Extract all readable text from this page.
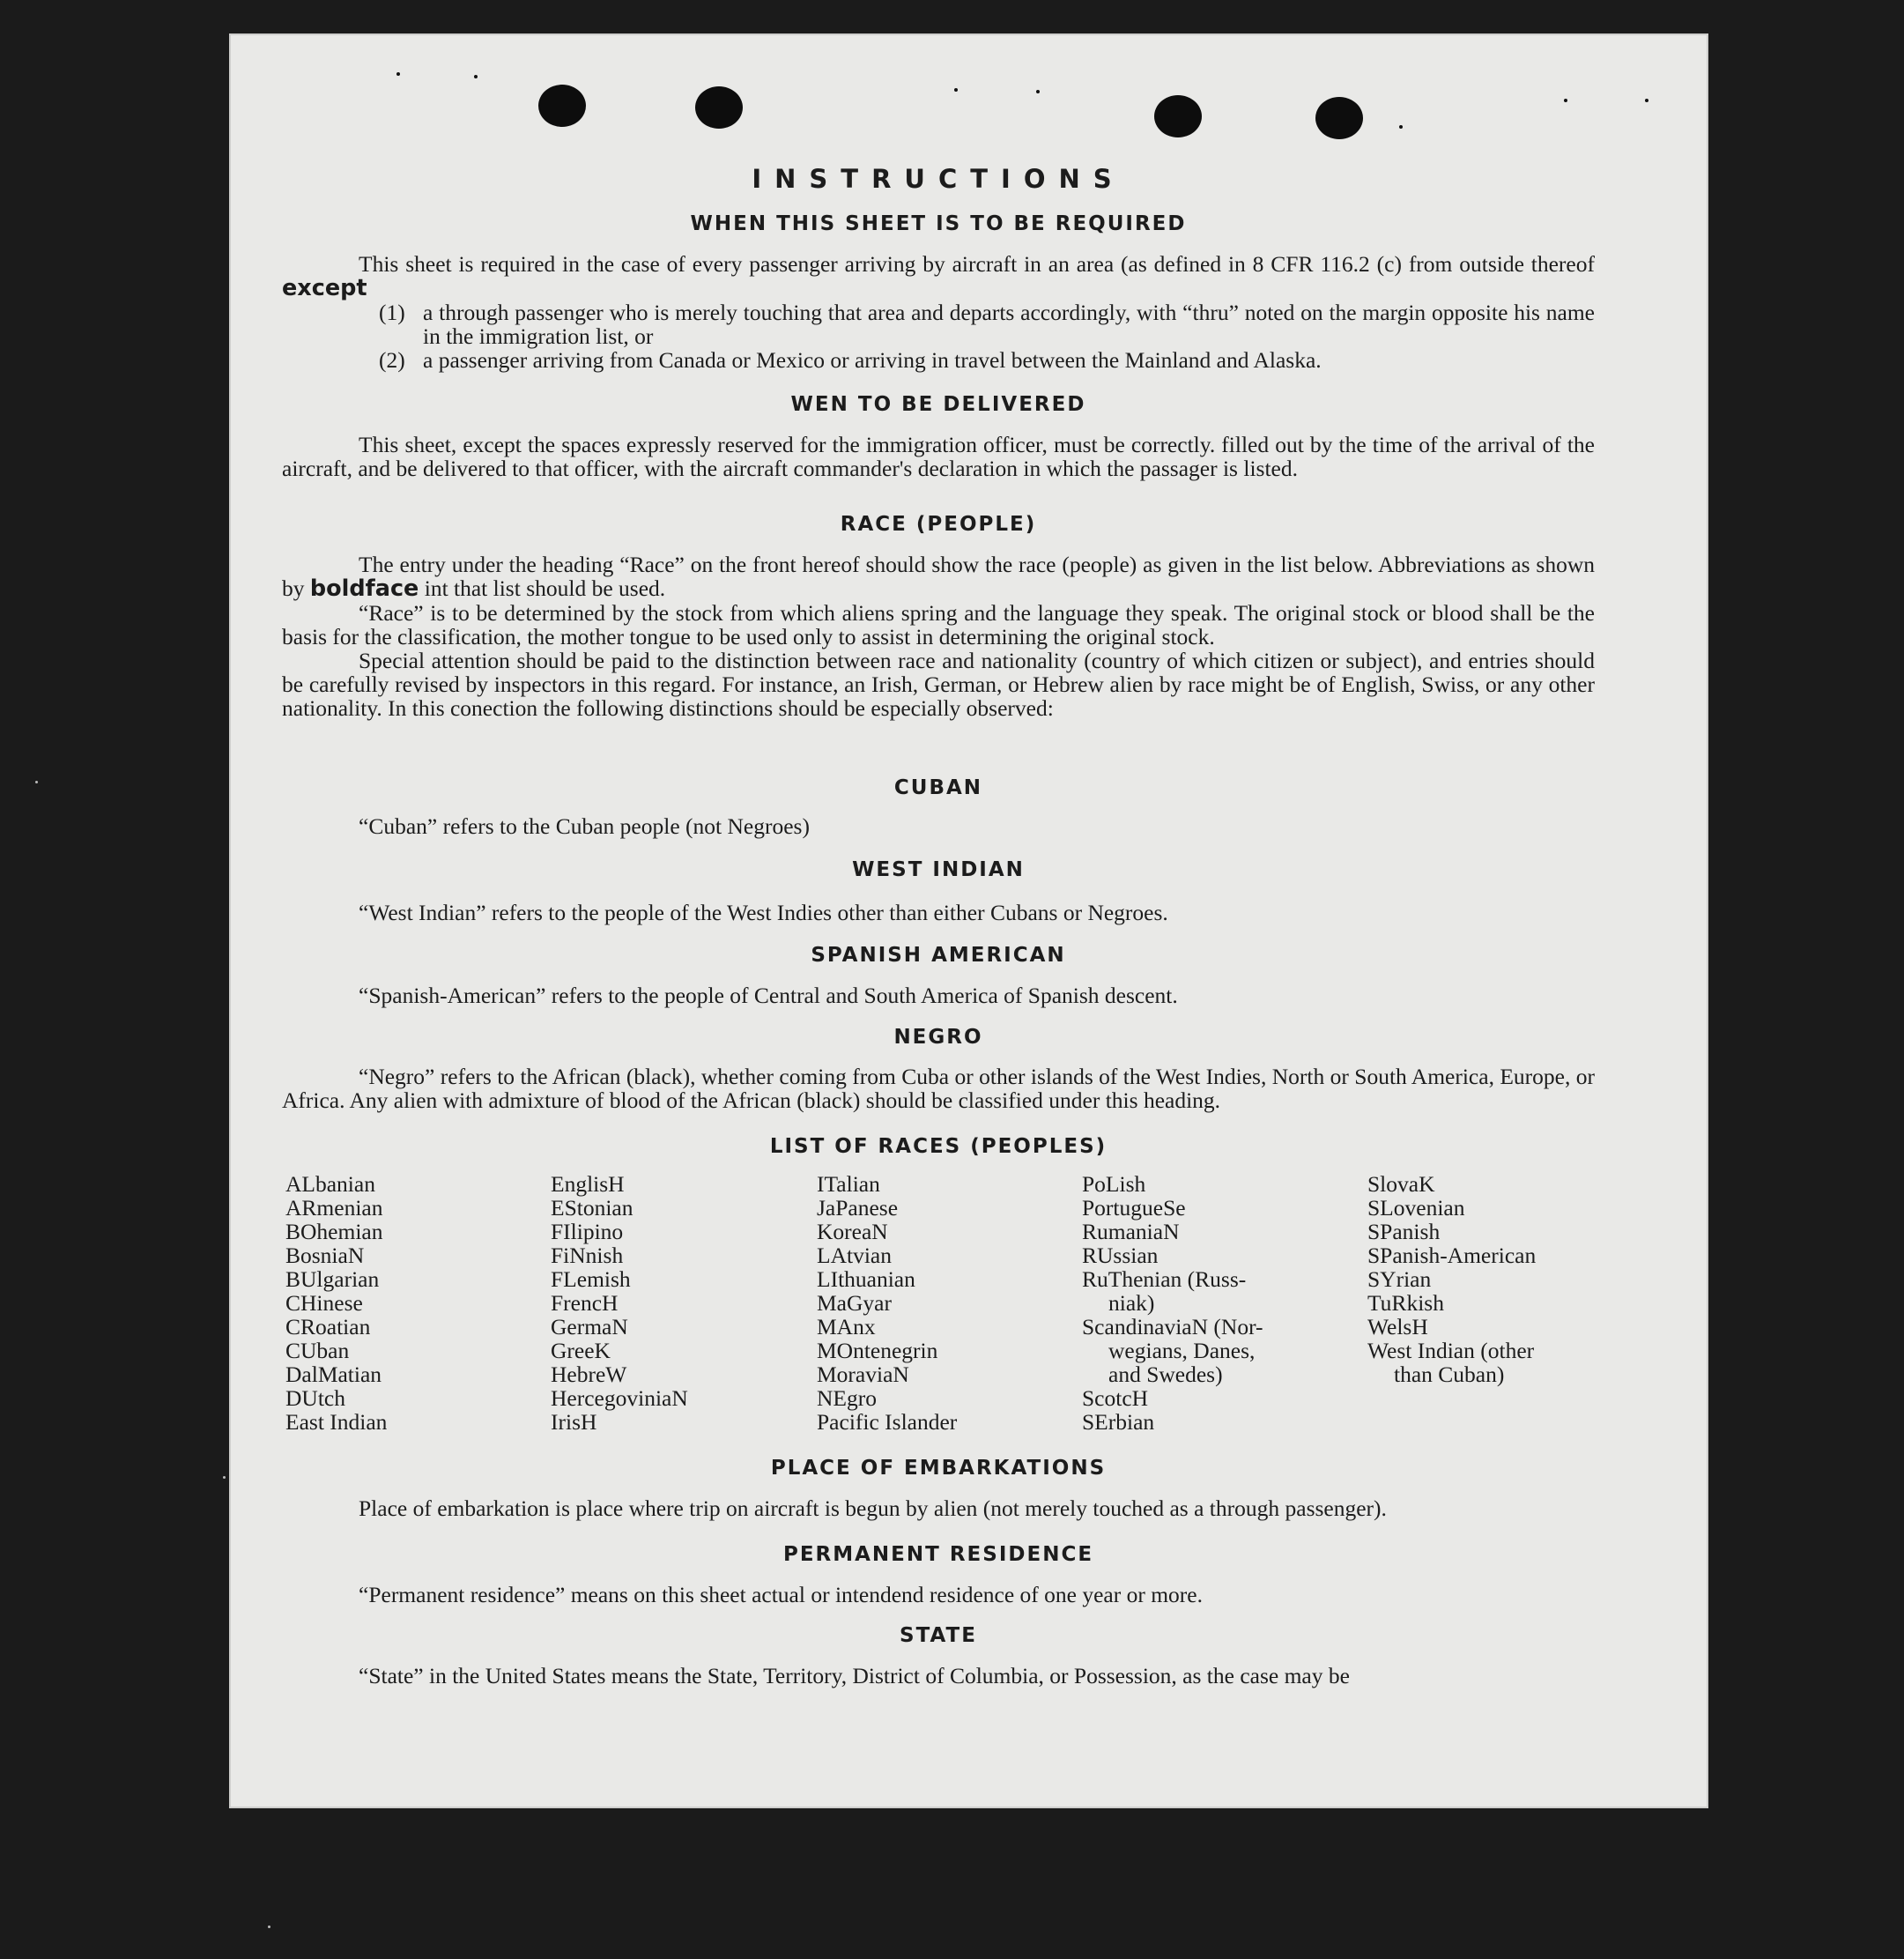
INSTRUCTIONS
WHEN THIS SHEET IS TO BE REQUIRED

This sheet is required in the case of every passenger arriving by aircraft in an area (as defined in 8 CFR 116.2 (c) from outside thereof except

(1) a through passenger who is merely touching that area and departs accordingly, with “thru” noted on the margin opposite his name in the immigration list, or
(2) a passenger arriving from Canada or Mexico or arriving in travel between the Mainland and Alaska.
WEN TO BE DELIVERED

This sheet, except the spaces expressly reserved for the immigration officer, must be correctly. filled out by the time of the arrival of the aircraft, and be delivered to that officer, with the aircraft commander's declaration in which the passager is listed.

RACE (PEOPLE)

The entry under the heading “Race” on the front hereof should show the race (people) as given in the list below. Abbreviations as shown by boldface int that list should be used.

“Race” is to be determined by the stock from which aliens spring and the language they speak. The original stock or blood shall be the basis for the classification, the mother tongue to be used only to assist in determining the original stock.

Special attention should be paid to the distinction between race and nationality (country of which citizen or subject), and entries should be carefully revised by inspectors in this regard. For instance, an Irish, German, or Hebrew alien by race might be of English, Swiss, or any other nationality. In this conection the following distinctions should be especially observed:

CUBAN
“Cuban” refers to the Cuban people (not Negroes)
WEST INDIAN
“West Indian” refers to the people of the West Indies other than either Cubans or Negroes.
SPANISH AMERICAN
“Spanish-American” refers to the people of Central and South America of Spanish descent.
NEGRO

“Negro” refers to the African (black), whether coming from Cuba or other islands of the West Indies, North or South America, Europe, or Africa. Any alien with admixture of blood of the African (black) should be classified under this heading.

LIST OF RACES (PEOPLES)
ALbanian
ARmenian
BOhemian
BosniaN
BUlgarian
CHinese
CRoatian
CUban
DalMatian
DUtch
East Indian
EnglisH
EStonian
FIlipino
FiNnish
FLemish
FrencH
GermaN
GreeK
HebreW
HercegoviniaN
IrisH
ITalian
JaPanese
KoreaN
LAtvian
LIthuanian
MaGyar
MAnx
MOntenegrin
MoraviaN
NEgro
Pacific Islander
PoLish
PortugueSe
RumaniaN
RUssian
RuThenian (Russ-
niak)
ScandinaviaN (Nor-
wegians, Danes,
and Swedes)
ScotcH
SErbian
SlovaK
SLovenian
SPanish
SPanish-American
SYrian
TuRkish
WelsH
West Indian (other
than Cuban)
PLACE OF EMBARKATIONS

Place of embarkation is place where trip on aircraft is begun by alien (not merely touched as a through passenger).

PERMANENT RESIDENCE
“Permanent residence” means on this sheet actual or intendend residence of one year or more.
STATE

“State” in the United States means the State, Territory, District of Columbia, or Possession, as the case may be
